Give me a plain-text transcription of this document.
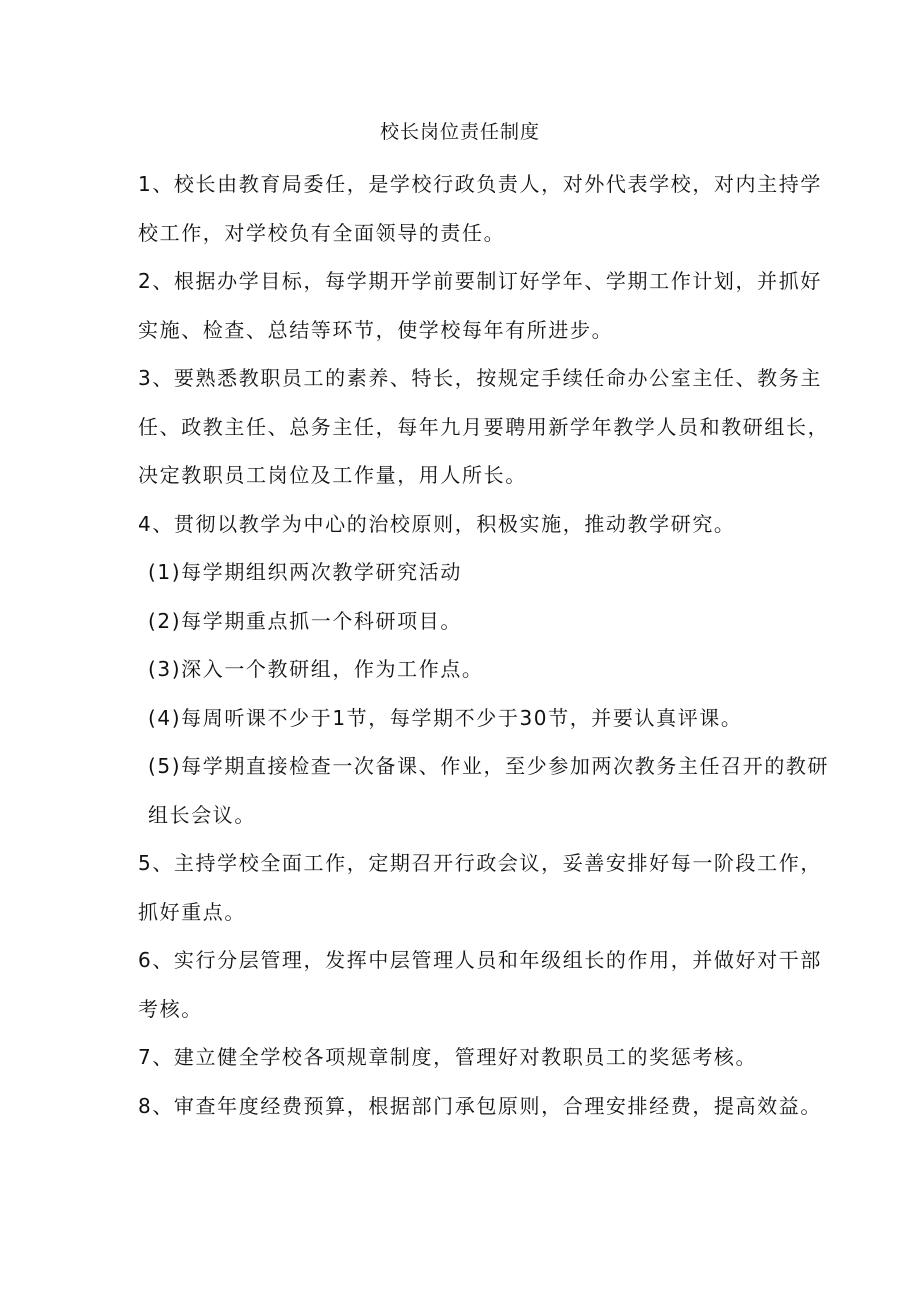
校长岗位责任制度
1、校长由教育局委任，是学校行政负责人，对外代表学校，对内主持学
校工作，对学校负有全面领导的责任。
2、根据办学目标，每学期开学前要制订好学年、学期工作计划，并抓好
实施、检查、总结等环节，使学校每年有所进步。
3、要熟悉教职员工的素养、特长，按规定手续任命办公室主任、教务主
任、政教主任、总务主任，每年九月要聘用新学年教学人员和教研组长，
决定教职员工岗位及工作量，用人所长。
4、贯彻以教学为中心的治校原则，积极实施，推动教学研究。
(1)每学期组织两次教学研究活动
(2)每学期重点抓一个科研项目。
(3)深入一个教研组，作为工作点。
(4)每周听课不少于1节，每学期不少于30节，并要认真评课。
(5)每学期直接检查一次备课、作业，至少参加两次教务主任召开的教研
组长会议。
5、主持学校全面工作，定期召开行政会议，妥善安排好每一阶段工作，
抓好重点。
6、实行分层管理，发挥中层管理人员和年级组长的作用，并做好对干部
考核。
7、建立健全学校各项规章制度，管理好对教职员工的奖惩考核。
8、审查年度经费预算，根据部门承包原则，合理安排经费，提高效益。
